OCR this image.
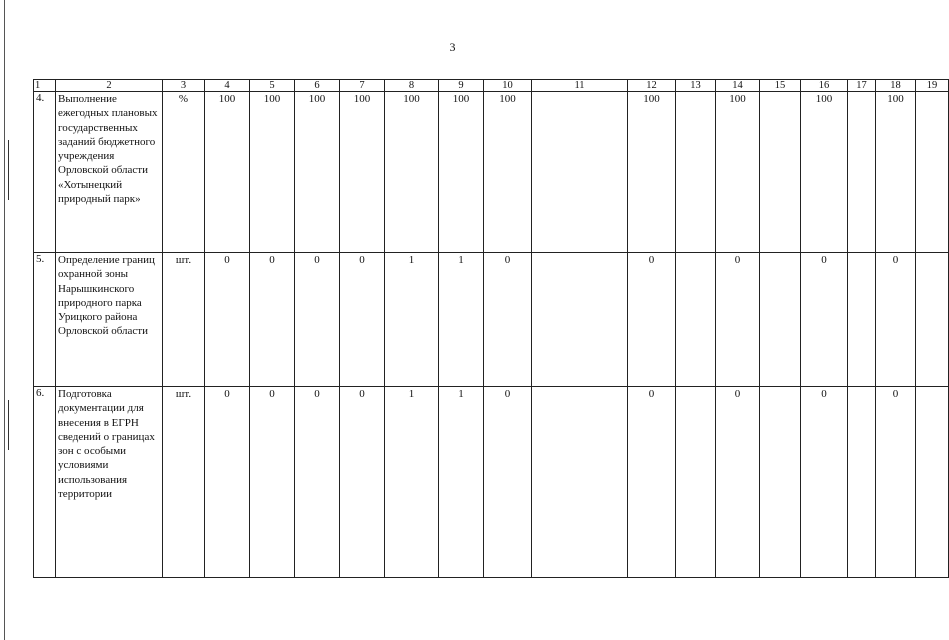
3
1	2	3	4	5	6	7	8	9	10	11	12	13	14	15	16	17	18	19
4.	Выполнение ежегодных плановых государственных заданий бюджетного учреждения Орловской области «Хотынецкий природный парк»	%	100	100	100	100	100	100	100		100		100		100		100	
5.	Определение границ охранной зоны Нарышкинского природного парка Урицкого района Орловской области	шт.	0	0	0	0	1	1	0		0		0		0		0	
6.	Подготовка документации для внесения в ЕГРН сведений о границах зон с особыми условиями использования территории	шт.	0	0	0	0	1	1	0		0		0		0		0	
